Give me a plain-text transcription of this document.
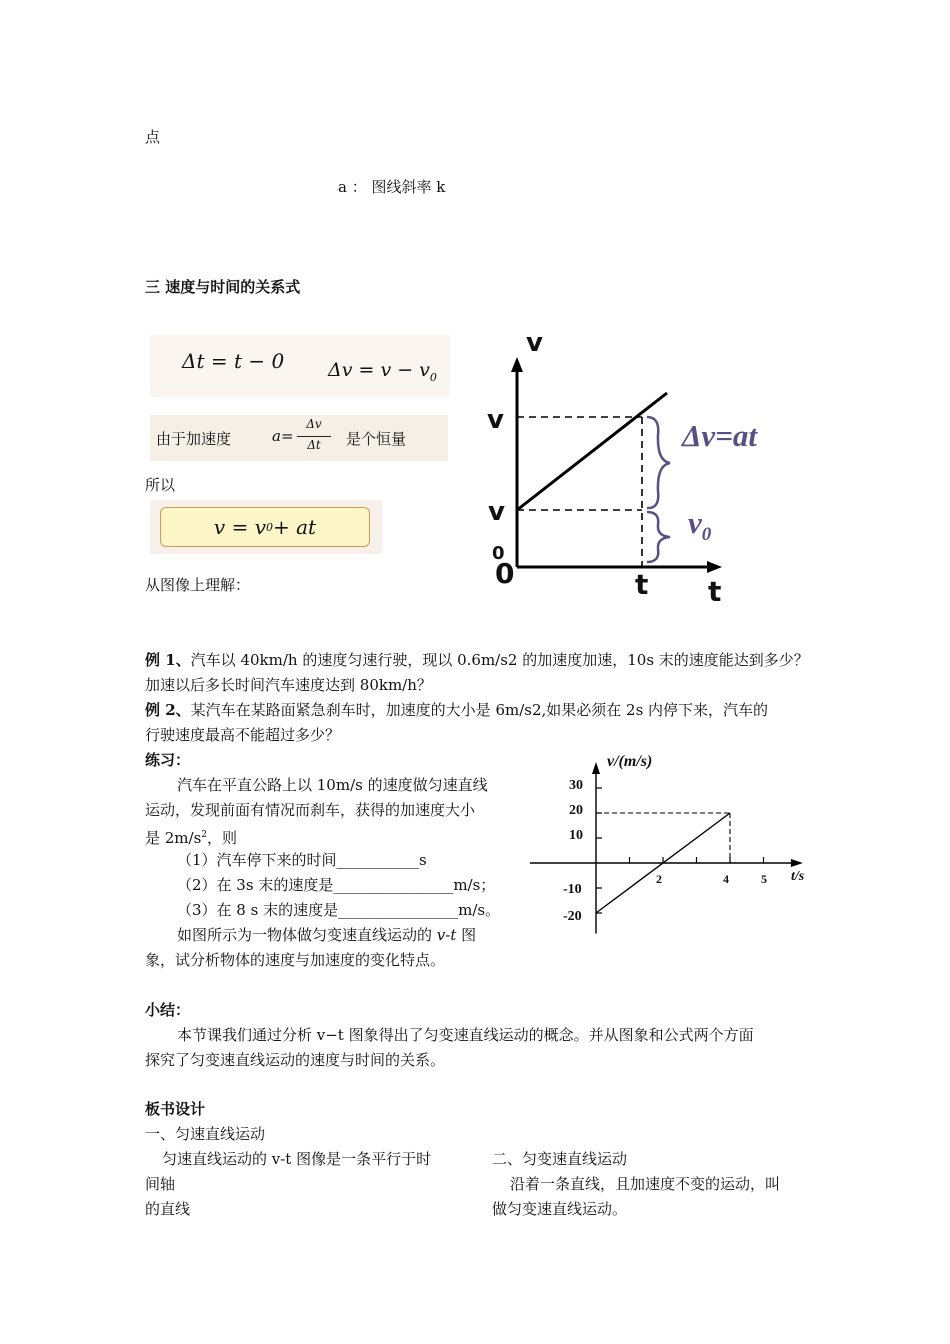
点
a ： 图线斜率 k
三 速度与时间的关系式
Δt = t − 0 $\Delta v = v - v_0$
由于加速度	a=
Δv
Δt	是个恒量
所以
v = v 0 + at
从图像上理解：
v
v
v
0
0	t t
Δv=at
$v_0$
例 1、汽车以 40km/h 的速度匀速行驶，现以 0.6m/s2 的加速度加速，10s 末的速度能达到多少？
加速以后多长时间汽车速度达到 80km/h？
例 2、某汽车在某路面紧急刹车时，加速度的大小是 6m/s2,如果必须在 2s 内停下来，汽车的
行驶速度最高不能超过多少？
练习：
汽车在平直公路上以 10m/s 的速度做匀速直线
运动，发现前面有情况而刹车，获得的加速度大小
是 $2m/s^2$，则
（1）汽车停下来的时间___________s
（2）在 3s 末的速度是________________m/s；
（3）在 8 s 末的速度是________________m/s。
如图所示为一物体做匀变速直线运动的 v-t 图
象，试分析物体的速度与加速度的变化特点。
v/(m/s)
t/s
30
20
10
-10
-20
2	4	5
小结：
本节课我们通过分析 v−t 图象得出了匀变速直线运动的概念。并从图象和公式两个方面
探究了匀变速直线运动的速度与时间的关系。
板书设计
一、匀速直线运动
匀速直线运动的 v-t 图像是一条平行于时
间轴
的直线
二、匀变速直线运动
沿着一条直线，且加速度不变的运动，叫
做匀变速直线运动。
